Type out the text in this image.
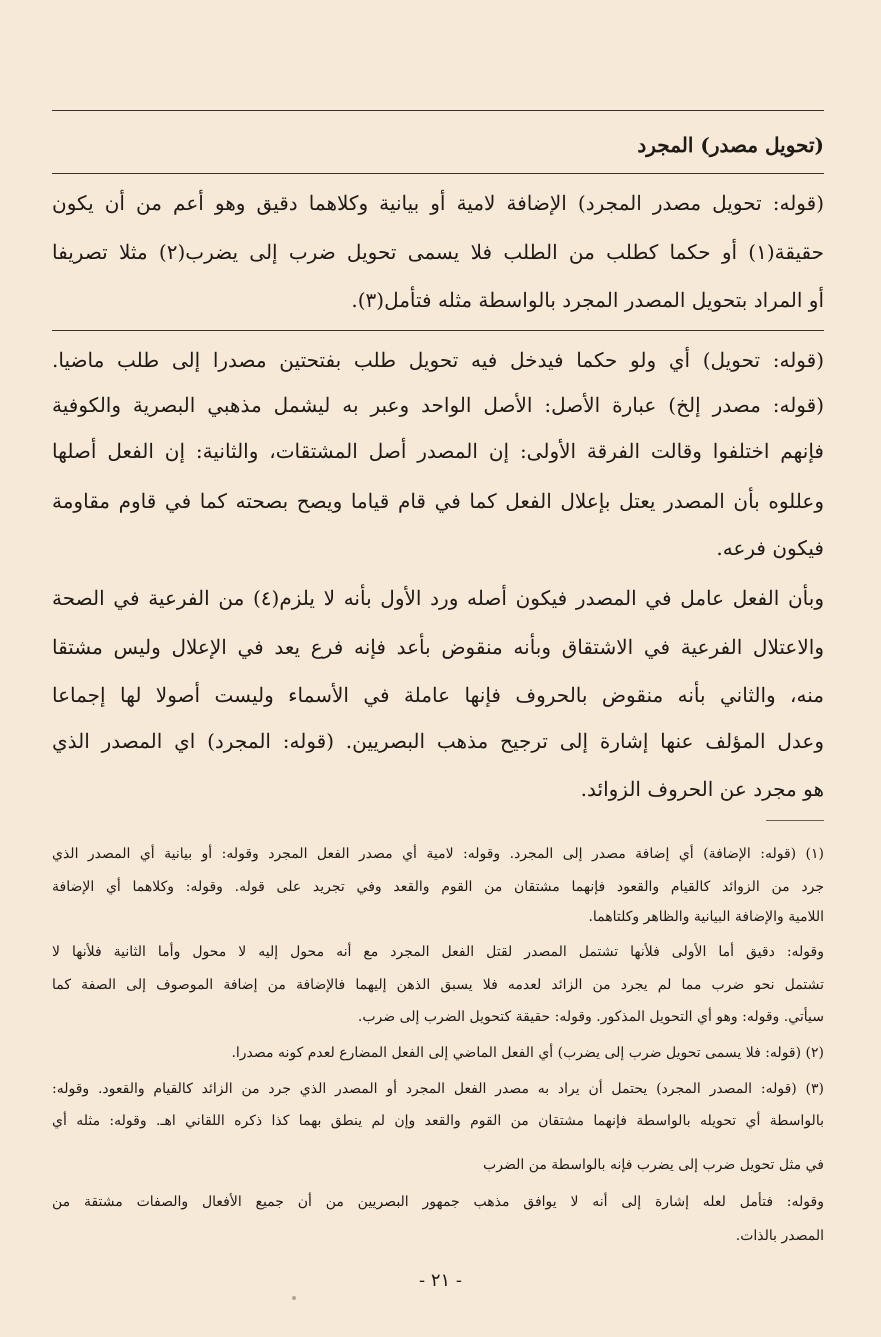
(تحويل مصدر) المجرد
(قوله: تحويل مصدر المجرد) الإضافة لامية أو بيانية وكلاهما دقيق وهو أعم من أن يكون
حقيقة(١) أو حكما كطلب من الطلب فلا يسمى تحويل ضرب إلى يضرب(٢) مثلا تصريفا
أو المراد بتحويل المصدر المجرد بالواسطة مثله فتأمل(٣).
(قوله: تحويل) أي ولو حكما فيدخل فيه تحويل طلب بفتحتين مصدرا إلى طلب ماضيا.
(قوله: مصدر إلخ) عبارة الأصل: الأصل الواحد وعبر به ليشمل مذهبي البصرية والكوفية
فإنهم اختلفوا وقالت الفرقة الأولى: إن المصدر أصل المشتقات، والثانية: إن الفعل أصلها
وعللوه بأن المصدر يعتل بإعلال الفعل كما في قام قياما ويصح بصحته كما في قاوم مقاومة
فيكون فرعه.
وبأن الفعل عامل في المصدر فيكون أصله ورد الأول بأنه لا يلزم(٤) من الفرعية في الصحة
والاعتلال الفرعية في الاشتقاق وبأنه منقوض بأعد فإنه فرع يعد في الإعلال وليس مشتقا
منه، والثاني بأنه منقوض بالحروف فإنها عاملة في الأسماء وليست أصولا لها إجماعا
وعدل المؤلف عنها إشارة إلى ترجيح مذهب البصريين. (قوله: المجرد) اي المصدر الذي
هو مجرد عن الحروف الزوائد.
(١) (قوله: الإضافة) أي إضافة مصدر إلى المجرد. وقوله: لامية أي مصدر الفعل المجرد وقوله: أو بيانية أي المصدر الذي
جرد من الزوائد كالقيام والقعود فإنهما مشتقان من القوم والقعد وفي تجريد على قوله. وقوله: وكلاهما أي الإضافة
اللامية والإضافة البيانية والظاهر وكلتاهما.
وقوله: دقيق أما الأولى فلأنها تشتمل المصدر لقتل الفعل المجرد مع أنه محول إليه لا محول وأما الثانية فلأنها لا
تشتمل نحو ضرب مما لم يجرد من الزائد لعدمه فلا يسبق الذهن إليهما فالإضافة من إضافة الموصوف إلى الصفة كما
سيأتي. وقوله: وهو أي التحويل المذكور. وقوله: حقيقة كتحويل الضرب إلى ضرب.
(٢) (قوله: فلا يسمى تحويل ضرب إلى يضرب) أي الفعل الماضي إلى الفعل المضارع لعدم كونه مصدرا.
(٣) (قوله: المصدر المجرد) يحتمل أن يراد به مصدر الفعل المجرد أو المصدر الذي جرد من الزائد كالقيام والقعود. وقوله:
بالواسطة أي تحويله بالواسطة فإنهما مشتقان من القوم والقعد وإن لم ينطق بهما كذا ذكره اللقاني اهـ. وقوله: مثله أي
في مثل تحويل ضرب إلى يضرب فإنه بالواسطة من الضرب
وقوله: فتأمل لعله إشارة إلى أنه لا يوافق مذهب جمهور البصريين من أن جميع الأفعال والصفات مشتقة من
المصدر بالذات.
- ٢١ -
